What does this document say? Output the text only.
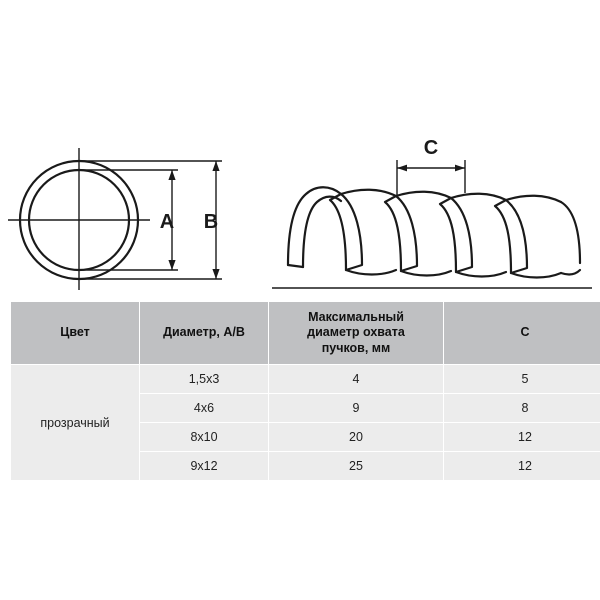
A B
C
Цвет	Диаметр, A/B	Максимальный
диаметр охвата
пучков, мм	C
прозрачный	1,5х3	4	5
	4х6	9	8
	8х10	20	12
	9х12	25	12
